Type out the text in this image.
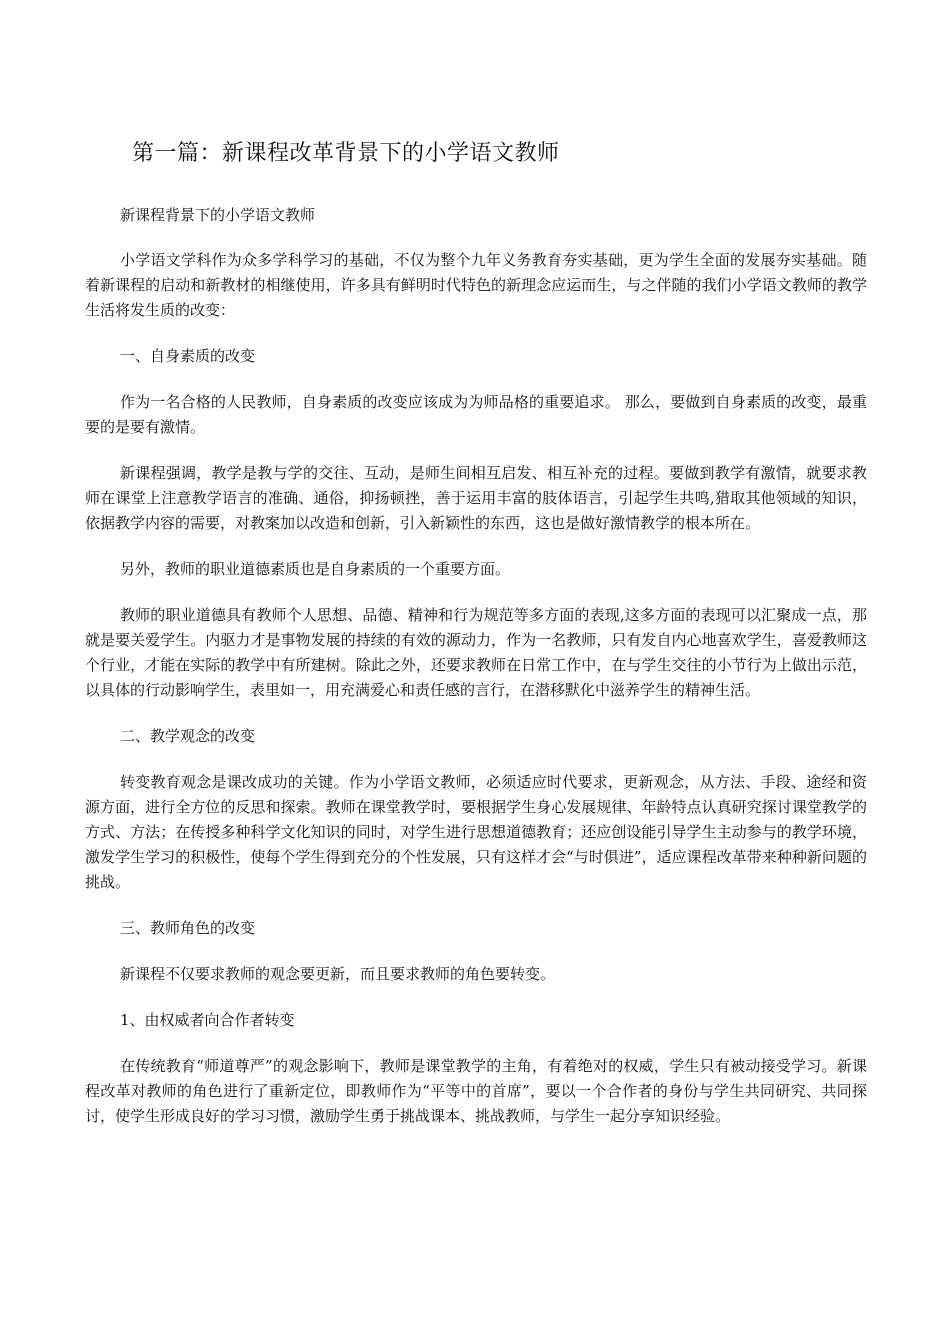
第一篇：新课程改革背景下的小学语文教师
新课程背景下的小学语文教师

小学语文学科作为众多学科学习的基础，不仅为整个九年义务教育夯实基础，更为学生全面的发展夯实基础。随着新课程的启动和新教材的相继使用，许多具有鲜明时代特色的新理念应运而生，与之伴随的我们小学语文教师的教学生活将发生质的改变：

一、自身素质的改变

作为一名合格的人民教师，自身素质的改变应该成为为师品格的重要追求。 那么，要做到自身素质的改变，最重要的是要有激情。

新课程强调，教学是教与学的交往、互动，是师生间相互启发、相互补充的过程。要做到教学有激情，就要求教师在课堂上注意教学语言的准确、通俗，抑扬顿挫，善于运用丰富的肢体语言，引起学生共鸣,猎取其他领域的知识，依据教学内容的需要，对教案加以改造和创新，引入新颖性的东西，这也是做好激情教学的根本所在。

另外，教师的职业道德素质也是自身素质的一个重要方面。

教师的职业道德具有教师个人思想、品德、精神和行为规范等多方面的表现,这多方面的表现可以汇聚成一点，那就是要关爱学生。内驱力才是事物发展的持续的有效的源动力，作为一名教师，只有发自内心地喜欢学生，喜爱教师这个行业，才能在实际的教学中有所建树。除此之外，还要求教师在日常工作中，在与学生交往的小节行为上做出示范，以具体的行动影响学生，表里如一，用充满爱心和责任感的言行，在潜移默化中滋养学生的精神生活。

二、教学观念的改变

转变教育观念是课改成功的关键。作为小学语文教师，必须适应时代要求，更新观念，从方法、手段、途经和资源方面，进行全方位的反思和探索。教师在课堂教学时，要根据学生身心发展规律、年龄特点认真研究探讨课堂教学的方式、方法；在传授多种科学文化知识的同时，对学生进行思想道德教育；还应创设能引导学生主动参与的教学环境，激发学生学习的积极性，使每个学生得到充分的个性发展，只有这样才会“与时俱进”，适应课程改革带来种种新问题的挑战。

三、教师角色的改变
新课程不仅要求教师的观念要更新，而且要求教师的角色要转变。
1、由权威者向合作者转变

在传统教育“师道尊严”的观念影响下，教师是课堂教学的主角，有着绝对的权威，学生只有被动接受学习。新课程改革对教师的角色进行了重新定位，即教师作为“平等中的首席”，要以一个合作者的身份与学生共同研究、共同探讨，使学生形成良好的学习习惯，激励学生勇于挑战课本、挑战教师，与学生一起分享知识经验。
